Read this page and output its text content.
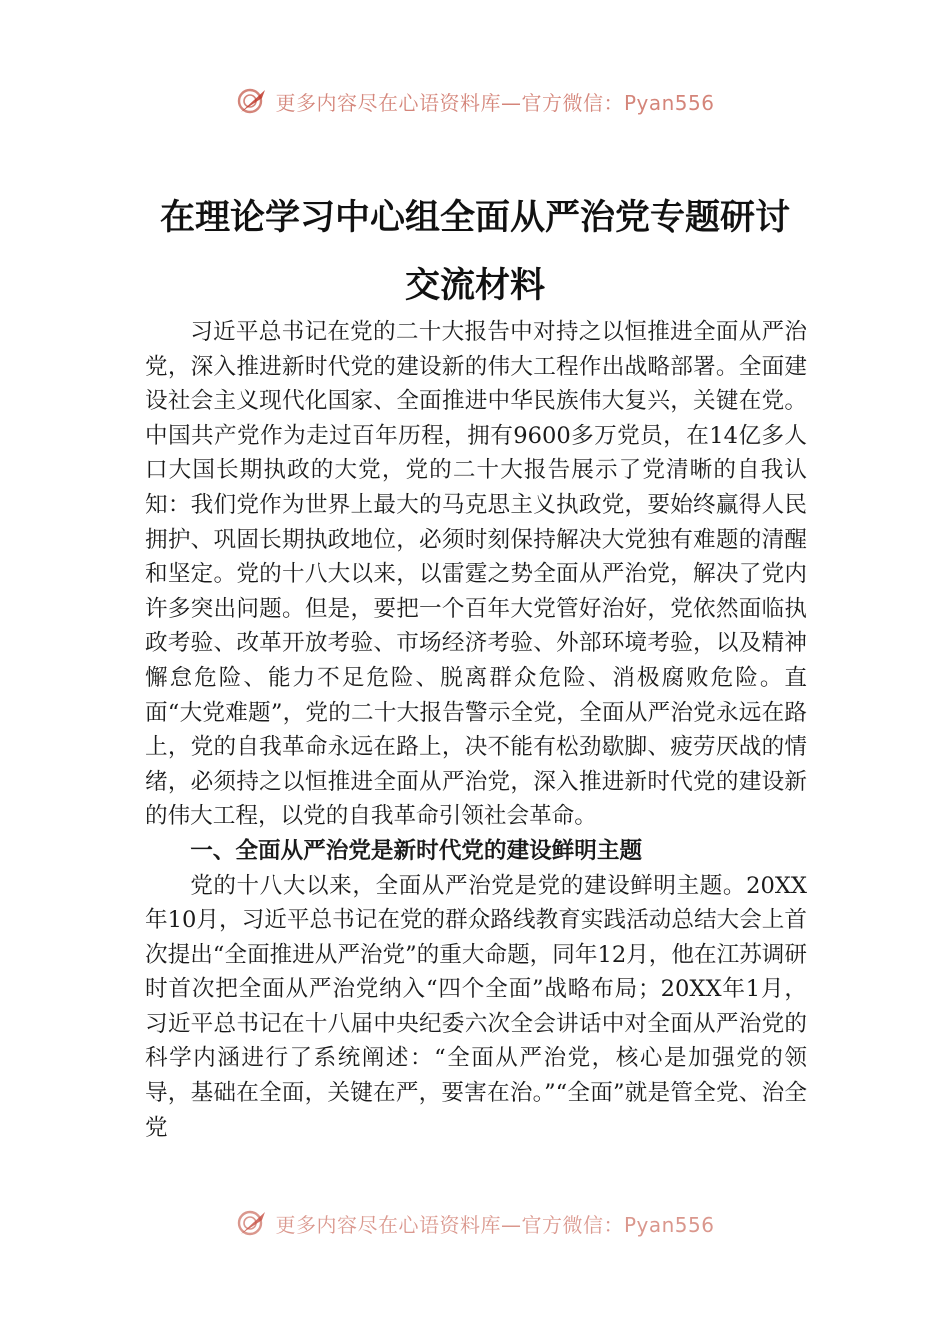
更多内容尽在心语资料库—官方微信：Pyan556
在理论学习中心组全面从严治党专题研讨
交流材料

习近平总书记在党的二十大报告中对持之以恒推进全面从严治党，深入推进新时代党的建设新的伟大工程作出战略部署。全面建设社会主义现代化国家、全面推进中华民族伟大复兴，关键在党。中国共产党作为走过百年历程，拥有9600多万党员，在14亿多人口大国长期执政的大党，党的二十大报告展示了党清晰的自我认知：我们党作为世界上最大的马克思主义执政党，要始终赢得人民拥护、巩固长期执政地位，必须时刻保持解决大党独有难题的清醒和坚定。党的十八大以来，以雷霆之势全面从严治党，解决了党内许多突出问题。但是，要把一个百年大党管好治好，党依然面临执政考验、改革开放考验、市场经济考验、外部环境考验，以及精神懈怠危险、能力不足危险、脱离群众危险、消极腐败危险。直面“大党难题”，党的二十大报告警示全党，全面从严治党永远在路上，党的自我革命永远在路上，决不能有松劲歇脚、疲劳厌战的情绪，必须持之以恒推进全面从严治党，深入推进新时代党的建设新的伟大工程，以党的自我革命引领社会革命。

一、全面从严治党是新时代党的建设鲜明主题

党的十八大以来，全面从严治党是党的建设鲜明主题。20XX年10月，习近平总书记在党的群众路线教育实践活动总结大会上首次提出“全面推进从严治党”的重大命题，同年12月，他在江苏调研时首次把全面从严治党纳入“四个全面”战略布局；20XX年1月，习近平总书记在十八届中央纪委六次全会讲话中对全面从严治党的科学内涵进行了系统阐述：“全面从严治党，核心是加强党的领导，基础在全面，关键在严，要害在治。”“全面”就是管全党、治全党

更多内容尽在心语资料库—官方微信：Pyan556
